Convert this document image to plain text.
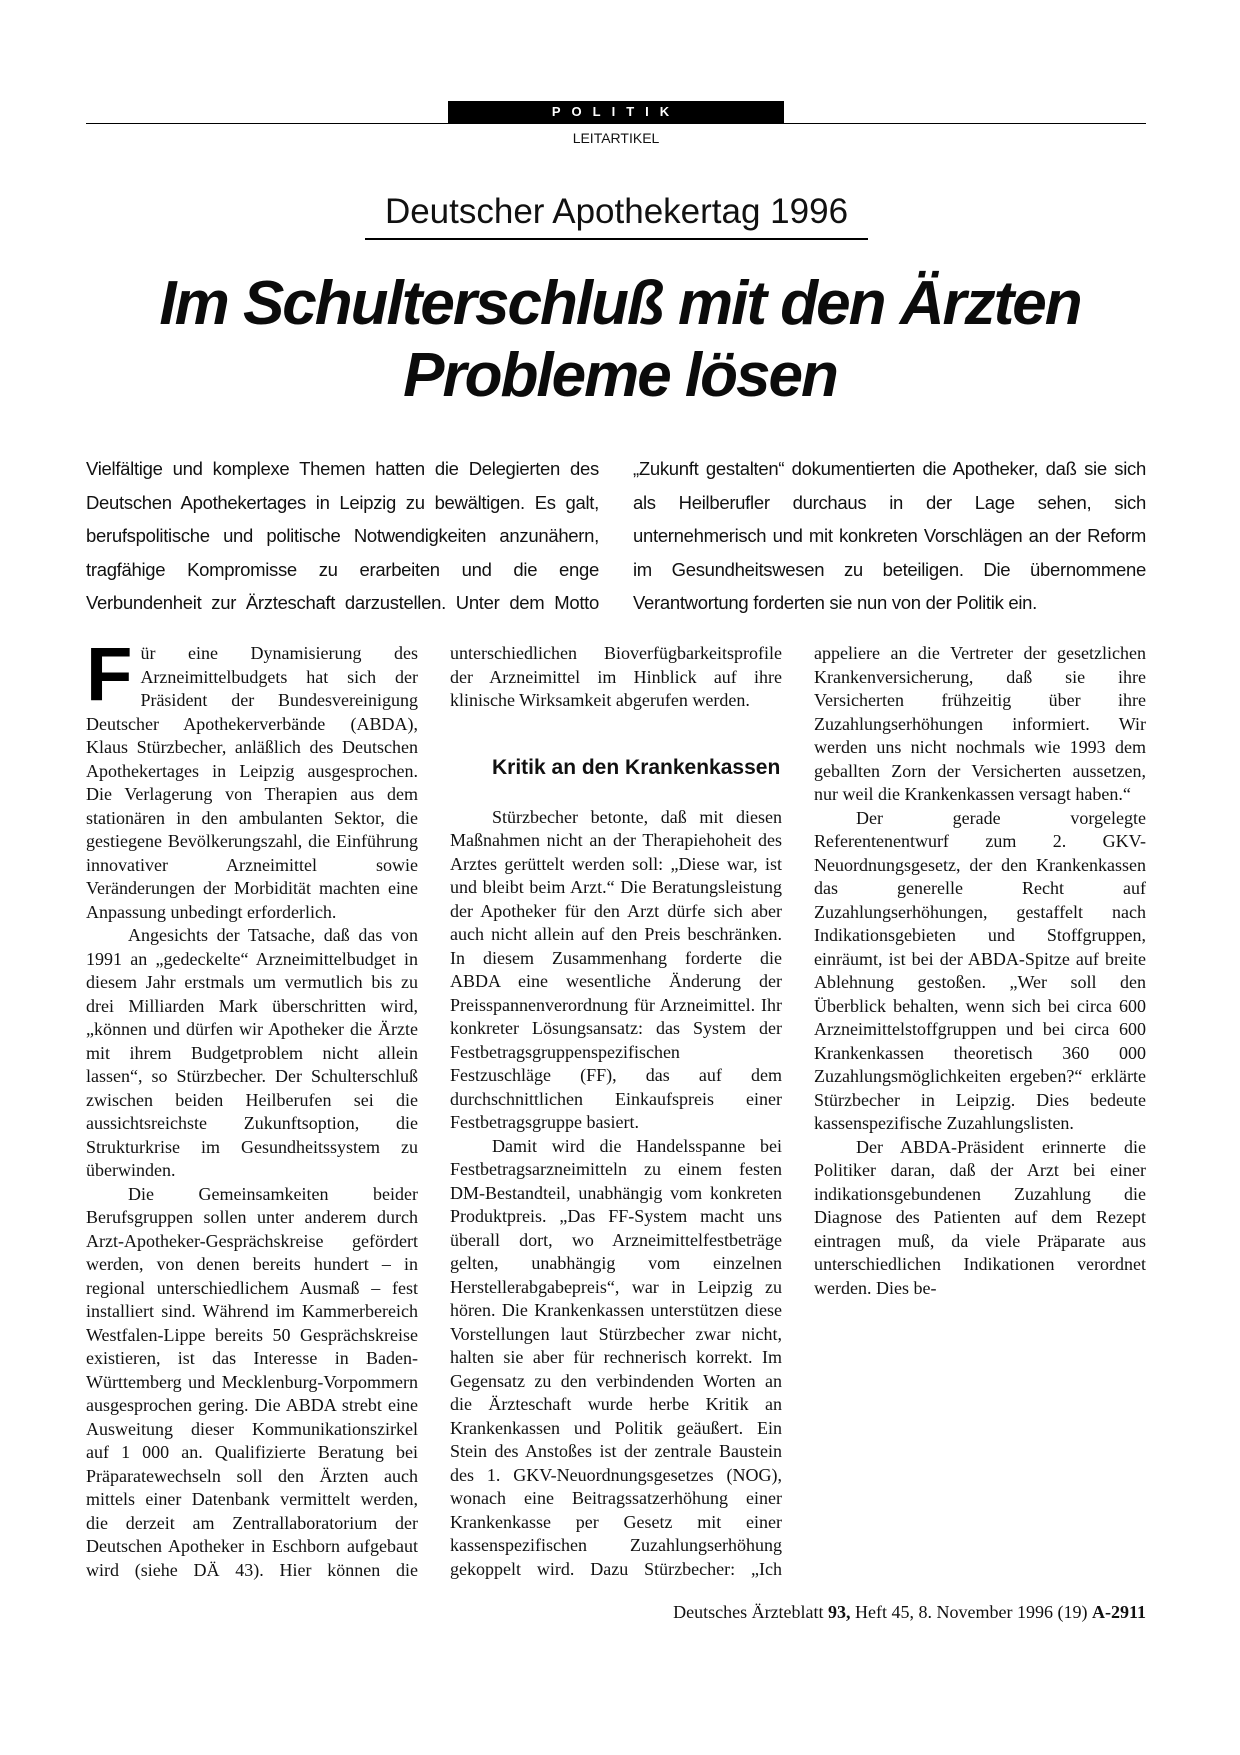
POLITIK
LEITARTIKEL
Deutscher Apothekertag 1996
Im Schulterschluß mit den Ärzten
Probleme lösen

Vielfältige und komplexe Themen hatten die Delegierten des Deutschen Apothekertages in Leipzig zu bewältigen. Es galt, berufspolitische und politische Notwendigkeiten anzunähern, tragfähige Kompromisse zu erarbeiten und die enge Verbundenheit zur Ärzteschaft darzustellen. Unter dem Motto „Zukunft gestalten“ dokumentierten die Apotheker, daß sie sich als Heilberufler durchaus in der Lage sehen, sich unternehmerisch und mit konkreten Vorschlägen an der Reform im Gesundheitswesen zu beteiligen. Die übernommene Verantwortung forderten sie nun von der Politik ein.

Für eine Dynamisierung des Arzneimittelbudgets hat sich der Präsident der Bundesvereinigung Deutscher Apothekerverbände (ABDA), Klaus Stürzbecher, anläßlich des Deutschen Apothekertages in Leipzig ausgesprochen. Die Verlagerung von Therapien aus dem stationären in den ambulanten Sektor, die gestiegene Bevölkerungszahl, die Einführung innovativer Arzneimittel sowie Veränderungen der Morbidität machten eine Anpassung unbedingt erforderlich.

Angesichts der Tatsache, daß das von 1991 an „gedeckelte“ Arzneimittelbudget in diesem Jahr erstmals um vermutlich bis zu drei Milliarden Mark überschritten wird, „können und dürfen wir Apotheker die Ärzte mit ihrem Budgetproblem nicht allein lassen“, so Stürzbecher. Der Schulterschluß zwischen beiden Heilberufen sei die aussichtsreichste Zukunftsoption, die Strukturkrise im Gesundheitssystem zu überwinden.

Die Gemeinsamkeiten beider Berufsgruppen sollen unter anderem durch Arzt-Apotheker-Gesprächskreise gefördert werden, von denen bereits hundert – in regional unterschiedlichem Ausmaß – fest installiert sind. Während im Kammerbereich Westfalen-Lippe bereits 50 Gesprächskreise existieren, ist das Interesse in Baden-Württemberg und Mecklenburg-Vorpommern ausgesprochen gering. Die ABDA strebt eine Ausweitung dieser Kommunikationszirkel auf 1 000 an. Qualifizierte Beratung bei Präparatewechseln soll den Ärzten auch mittels einer Datenbank vermittelt werden, die derzeit am Zentrallaboratorium der Deutschen Apotheker in Eschborn aufgebaut wird (siehe DÄ 43). Hier können die unterschiedlichen Bioverfügbarkeitsprofile der Arzneimittel im Hinblick auf ihre klinische Wirksamkeit abgerufen werden.

Kritik an den Krankenkassen

Stürzbecher betonte, daß mit diesen Maßnahmen nicht an der Therapiehoheit des Arztes gerüttelt werden soll: „Diese war, ist und bleibt beim Arzt.“ Die Beratungsleistung der Apotheker für den Arzt dürfe sich aber auch nicht allein auf den Preis beschränken. In diesem Zusammenhang forderte die ABDA eine wesentliche Änderung der Preisspannenverordnung für Arzneimittel. Ihr konkreter Lösungsansatz: das System der Festbetragsgruppenspezifischen Festzuschläge (FF), das auf dem durchschnittlichen Einkaufspreis einer Festbetragsgruppe basiert.

Damit wird die Handelsspanne bei Festbetragsarzneimitteln zu einem festen DM-Bestandteil, unabhängig vom konkreten Produktpreis. „Das FF-System macht uns überall dort, wo Arzneimittelfestbeträge gelten, unabhängig vom einzelnen Herstellerabgabepreis“, war in Leipzig zu hören. Die Krankenkassen unterstützen diese Vorstellungen laut Stürzbecher zwar nicht, halten sie aber für rechnerisch korrekt. Im Gegensatz zu den verbindenden Worten an die Ärzteschaft wurde herbe Kritik an Krankenkassen und Politik geäußert. Ein Stein des Anstoßes ist der zentrale Baustein des 1. GKV-Neuordnungsgesetzes (NOG), wonach eine Beitragssatzerhöhung einer Krankenkasse per Gesetz mit einer kassenspezifischen Zuzahlungserhöhung gekoppelt wird. Dazu Stürzbecher: „Ich appeliere an die Vertreter der gesetzlichen Krankenversicherung, daß sie ihre Versicherten frühzeitig über ihre Zuzahlungserhöhungen informiert. Wir werden uns nicht nochmals wie 1993 dem geballten Zorn der Versicherten aussetzen, nur weil die Krankenkassen versagt haben.“

Der gerade vorgelegte Referentenentwurf zum 2. GKV-Neuordnungsgesetz, der den Krankenkassen das generelle Recht auf Zuzahlungserhöhungen, gestaffelt nach Indikationsgebieten und Stoffgruppen, einräumt, ist bei der ABDA-Spitze auf breite Ablehnung gestoßen. „Wer soll den Überblick behalten, wenn sich bei circa 600 Arzneimittelstoffgruppen und bei circa 600 Krankenkassen theoretisch 360 000 Zuzahlungsmöglichkeiten ergeben?“ erklärte Stürzbecher in Leipzig. Dies bedeute kassenspezifische Zuzahlungslisten.

Der ABDA-Präsident erinnerte die Politiker daran, daß der Arzt bei einer indikationsgebundenen Zuzahlung die Diagnose des Patienten auf dem Rezept eintragen muß, da viele Präparate aus unterschiedlichen Indikationen verordnet werden. Dies be-

Deutsches Ärzteblatt 93, Heft 45, 8. November 1996 (19) A-2911
